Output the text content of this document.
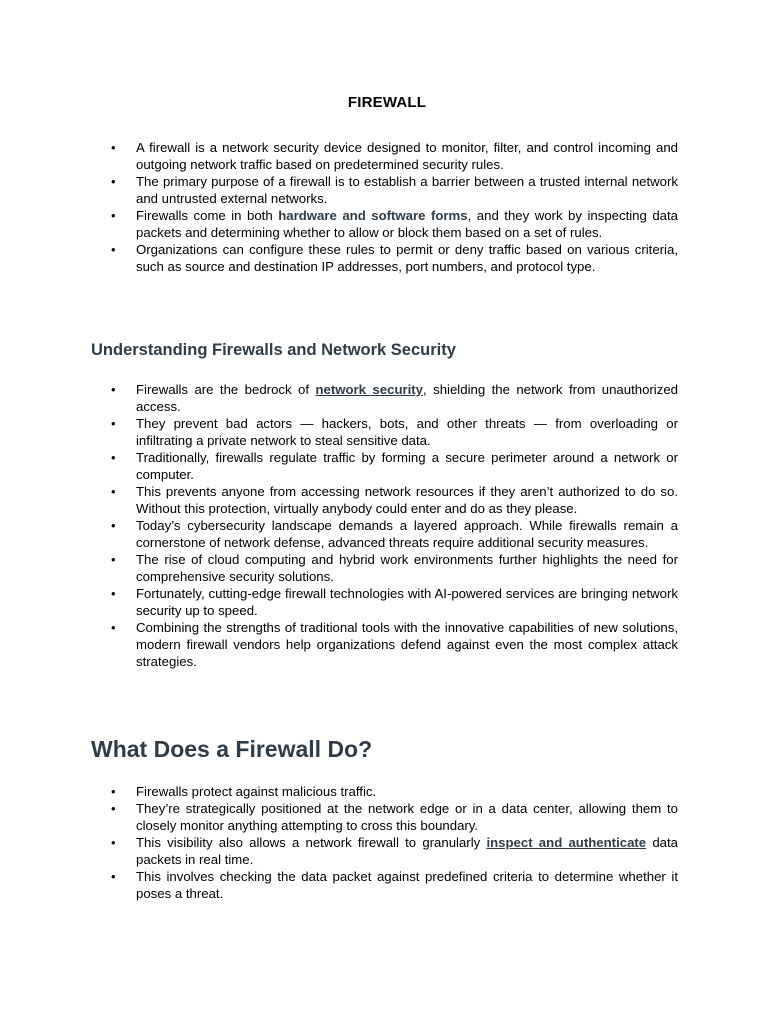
FIREWALL
• A firewall is a network security device designed to monitor, filter, and control incoming and outgoing network traffic based on predetermined security rules.
• The primary purpose of a firewall is to establish a barrier between a trusted internal network and untrusted external networks.
• Firewalls come in both hardware and software forms, and they work by inspecting data packets and determining whether to allow or block them based on a set of rules.
• Organizations can configure these rules to permit or deny traffic based on various criteria, such as source and destination IP addresses, port numbers, and protocol type.
Understanding Firewalls and Network Security
• Firewalls are the bedrock of network security, shielding the network from unauthorized access.
• They prevent bad actors — hackers, bots, and other threats — from overloading or infiltrating a private network to steal sensitive data.
• Traditionally, firewalls regulate traffic by forming a secure perimeter around a network or computer.
• This prevents anyone from accessing network resources if they aren’t authorized to do so. Without this protection, virtually anybody could enter and do as they please.
• Today’s cybersecurity landscape demands a layered approach. While firewalls remain a cornerstone of network defense, advanced threats require additional security measures.
• The rise of cloud computing and hybrid work environments further highlights the need for comprehensive security solutions.
• Fortunately, cutting-edge firewall technologies with AI-powered services are bringing network security up to speed.
• Combining the strengths of traditional tools with the innovative capabilities of new solutions, modern firewall vendors help organizations defend against even the most complex attack strategies.
What Does a Firewall Do?
• Firewalls protect against malicious traffic.
• They’re strategically positioned at the network edge or in a data center, allowing them to closely monitor anything attempting to cross this boundary.
• This visibility also allows a network firewall to granularly inspect and authenticate data packets in real time.
• This involves checking the data packet against predefined criteria to determine whether it poses a threat.
